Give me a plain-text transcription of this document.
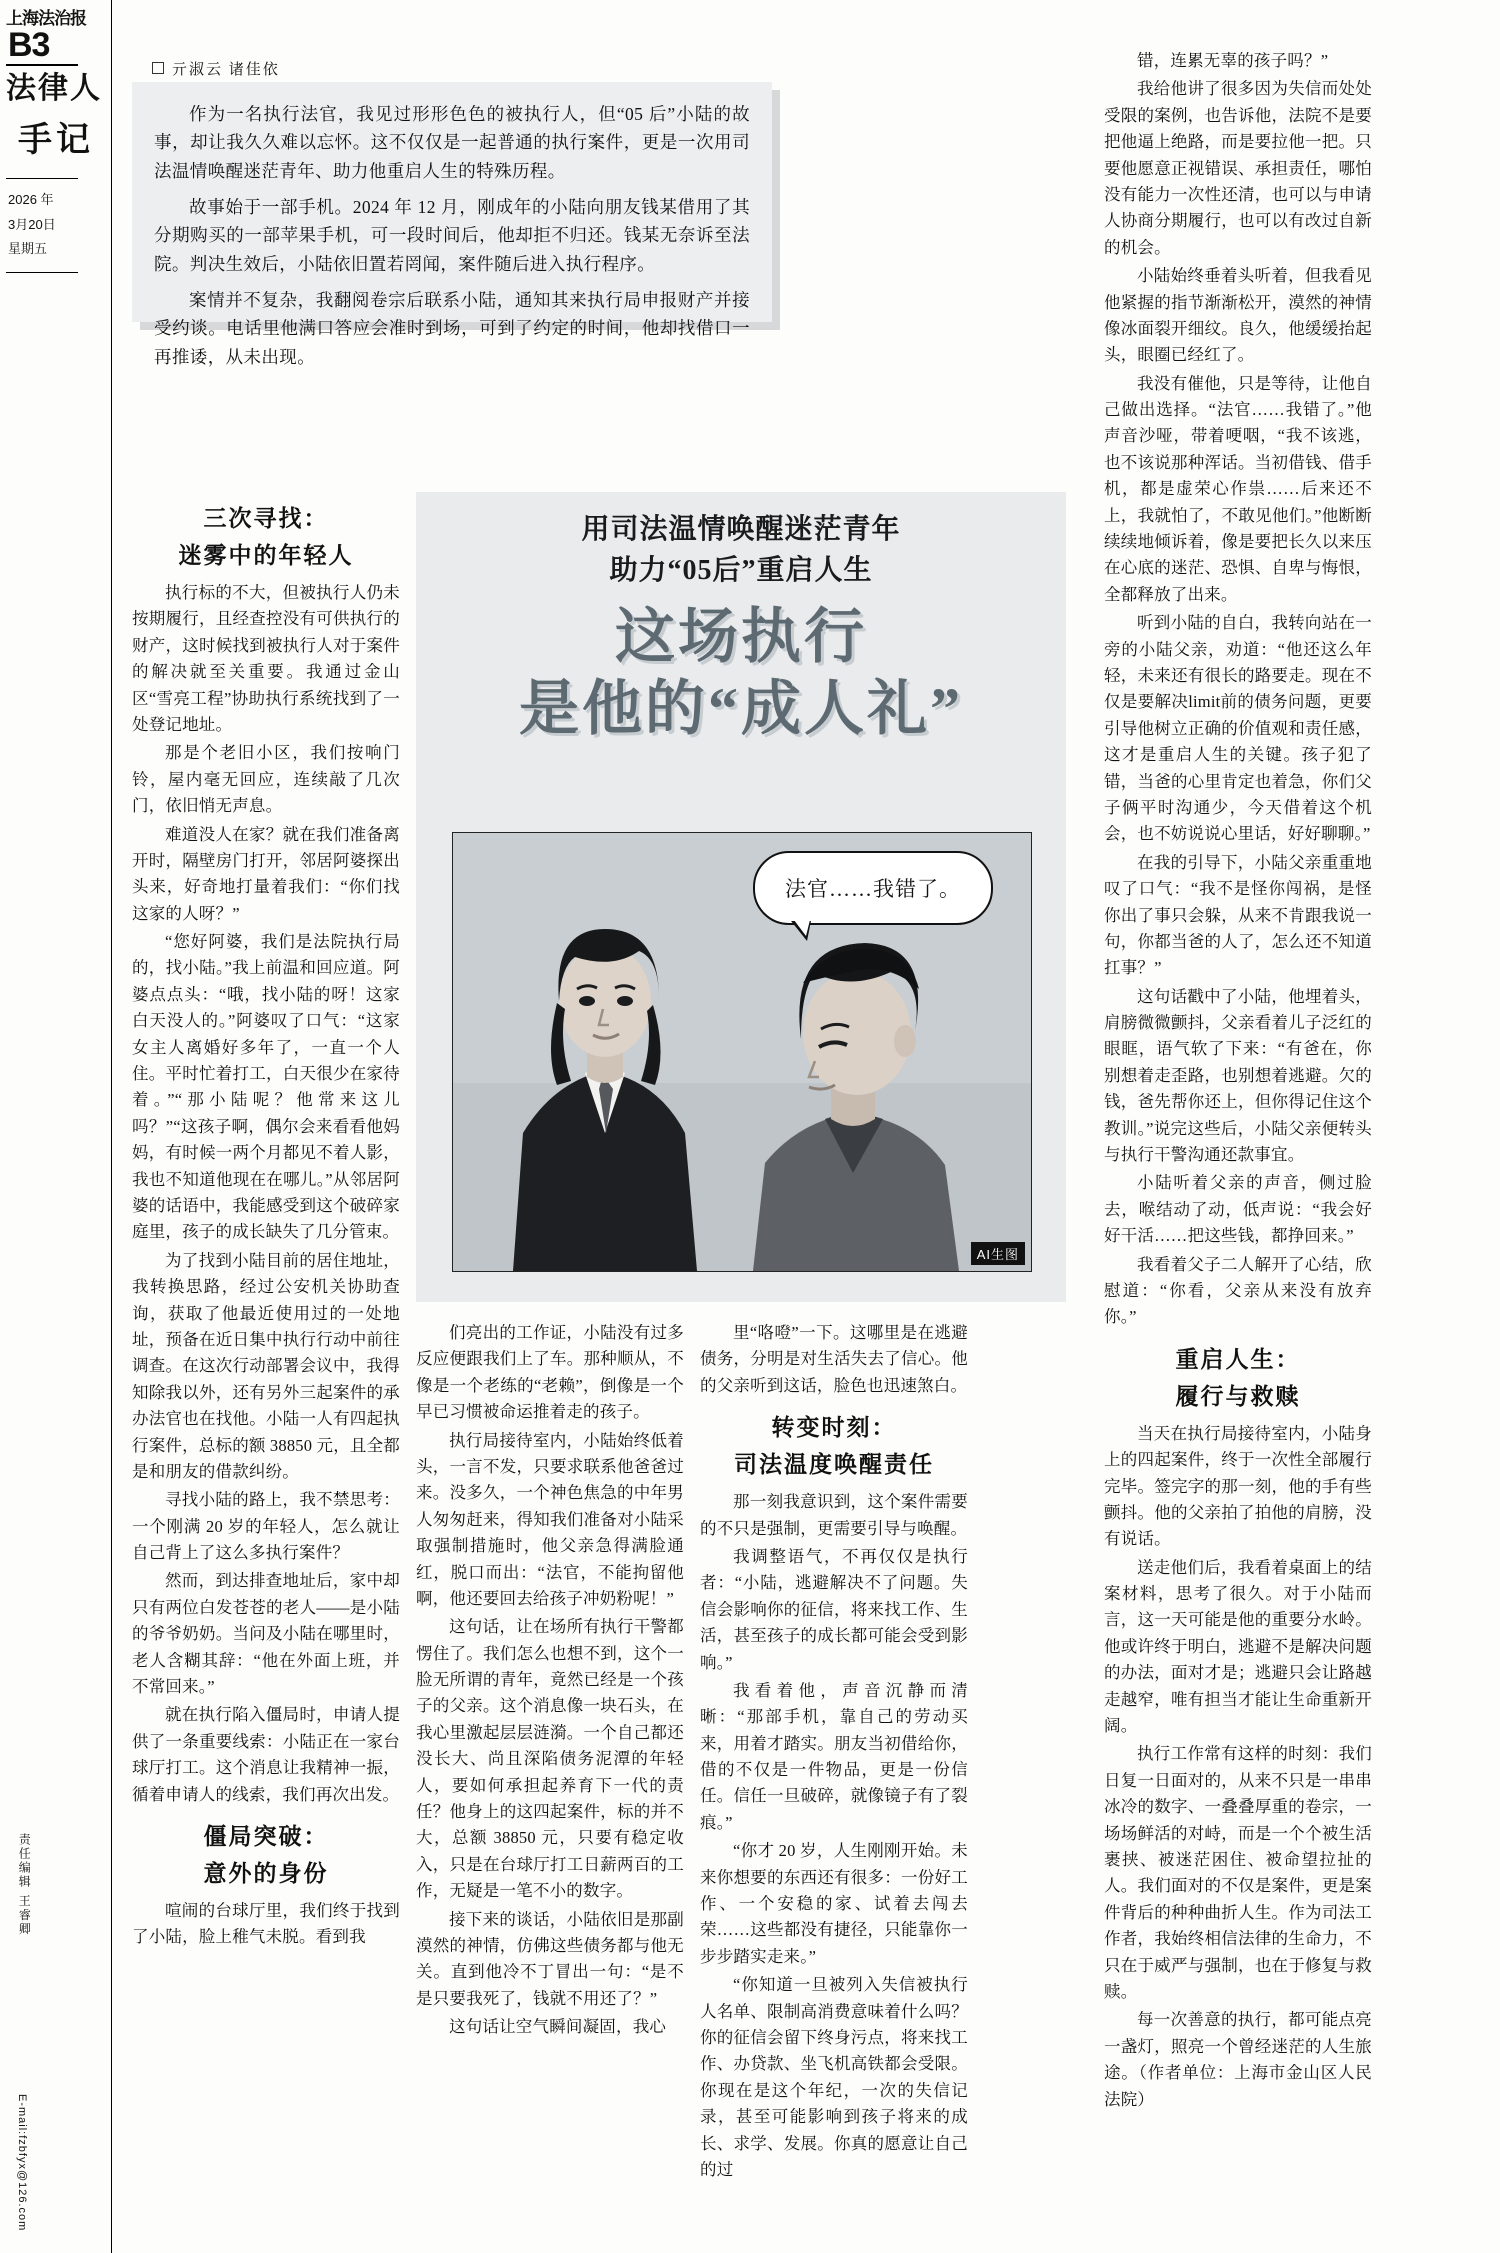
上海法治报
B3
法律人
手记
2026 年
3月20日
星期五
责任编辑 王睿卿
E-mail:fzbfyx@126.com
亓淑云 诸佳依

作为一名执行法官，我见过形形色色的被执行人，但“05 后”小陆的故事，却让我久久难以忘怀。这不仅仅是一起普通的执行案件，更是一次用司法温情唤醒迷茫青年、助力他重启人生的特殊历程。

故事始于一部手机。2024 年 12 月，刚成年的小陆向朋友钱某借用了其分期购买的一部苹果手机，可一段时间后，他却拒不归还。钱某无奈诉至法院。判决生效后，小陆依旧置若罔闻，案件随后进入执行程序。

案情并不复杂，我翻阅卷宗后联系小陆，通知其来执行局申报财产并接受约谈。电话里他满口答应会准时到场，可到了约定的时间，他却找借口一再推诿，从未出现。

用司法温情唤醒迷茫青年
助力“05后”重启人生
这场执行
是他的“成人礼”
法官……我错了。
AI生图
三次寻找：
迷雾中的年轻人

执行标的不大，但被执行人仍未按期履行，且经查控没有可供执行的财产，这时候找到被执行人对于案件的解决就至关重要。我通过金山区“雪亮工程”协助执行系统找到了一处登记地址。

那是个老旧小区，我们按响门铃，屋内毫无回应，连续敲了几次门，依旧悄无声息。

难道没人在家？就在我们准备离开时，隔壁房门打开，邻居阿婆探出头来，好奇地打量着我们：“你们找这家的人呀？”

“您好阿婆，我们是法院执行局的，找小陆。”我上前温和回应道。阿婆点点头：“哦，找小陆的呀！这家白天没人的。”阿婆叹了口气：“这家女主人离婚好多年了，一直一个人住。平时忙着打工，白天很少在家待着。”“那小陆呢？他常来这儿吗？”“这孩子啊，偶尔会来看看他妈妈，有时候一两个月都见不着人影，我也不知道他现在在哪儿。”从邻居阿婆的话语中，我能感受到这个破碎家庭里，孩子的成长缺失了几分管束。

为了找到小陆目前的居住地址，我转换思路，经过公安机关协助查询，获取了他最近使用过的一处地址，预备在近日集中执行行动中前往调查。在这次行动部署会议中，我得知除我以外，还有另外三起案件的承办法官也在找他。小陆一人有四起执行案件，总标的额 38850 元，且全都是和朋友的借款纠纷。

寻找小陆的路上，我不禁思考：一个刚满 20 岁的年轻人，怎么就让自己背上了这么多执行案件？

然而，到达排查地址后，家中却只有两位白发苍苍的老人——是小陆的爷爷奶奶。当问及小陆在哪里时，老人含糊其辞：“他在外面上班，并不常回来。”

就在执行陷入僵局时，申请人提供了一条重要线索：小陆正在一家台球厅打工。这个消息让我精神一振，循着申请人的线索，我们再次出发。

僵局突破：
意外的身份

喧闹的台球厅里，我们终于找到了小陆，脸上稚气未脱。看到我

们亮出的工作证，小陆没有过多反应便跟我们上了车。那种顺从，不像是一个老练的“老赖”，倒像是一个早已习惯被命运推着走的孩子。

执行局接待室内，小陆始终低着头，一言不发，只要求联系他爸爸过来。没多久，一个神色焦急的中年男人匆匆赶来，得知我们准备对小陆采取强制措施时，他父亲急得满脸通红，脱口而出：“法官，不能拘留他啊，他还要回去给孩子冲奶粉呢！”

这句话，让在场所有执行干警都愣住了。我们怎么也想不到，这个一脸无所谓的青年，竟然已经是一个孩子的父亲。这个消息像一块石头，在我心里激起层层涟漪。一个自己都还没长大、尚且深陷债务泥潭的年轻人，要如何承担起养育下一代的责任？他身上的这四起案件，标的并不大，总额 38850 元，只要有稳定收入，只是在台球厅打工日薪两百的工作，无疑是一笔不小的数字。

接下来的谈话，小陆依旧是那副漠然的神情，仿佛这些债务都与他无关。直到他冷不丁冒出一句：“是不是只要我死了，钱就不用还了？”

这句话让空气瞬间凝固，我心

里“咯噔”一下。这哪里是在逃避债务，分明是对生活失去了信心。他的父亲听到这话，脸色也迅速煞白。

转变时刻：
司法温度唤醒责任

那一刻我意识到，这个案件需要的不只是强制，更需要引导与唤醒。

我调整语气，不再仅仅是执行者：“小陆，逃避解决不了问题。失信会影响你的征信，将来找工作、生活，甚至孩子的成长都可能会受到影响。”

我看着他，声音沉静而清晰：“那部手机，靠自己的劳动买来，用着才踏实。朋友当初借给你，借的不仅是一件物品，更是一份信任。信任一旦破碎，就像镜子有了裂痕。”

“你才 20 岁，人生刚刚开始。未来你想要的东西还有很多：一份好工作、一个安稳的家、试着去闯去荣……这些都没有捷径，只能靠你一步步踏实走来。”

“你知道一旦被列入失信被执行人名单、限制高消费意味着什么吗？你的征信会留下终身污点，将来找工作、办贷款、坐飞机高铁都会受限。你现在是这个年纪，一次的失信记录，甚至可能影响到孩子将来的成长、求学、发展。你真的愿意让自己的过

错，连累无辜的孩子吗？”

我给他讲了很多因为失信而处处受限的案例，也告诉他，法院不是要把他逼上绝路，而是要拉他一把。只要他愿意正视错误、承担责任，哪怕没有能力一次性还清，也可以与申请人协商分期履行，也可以有改过自新的机会。

小陆始终垂着头听着，但我看见他紧握的指节渐渐松开，漠然的神情像冰面裂开细纹。良久，他缓缓抬起头，眼圈已经红了。

我没有催他，只是等待，让他自己做出选择。“法官……我错了。”他声音沙哑，带着哽咽，“我不该逃，也不该说那种浑话。当初借钱、借手机，都是虚荣心作祟……后来还不上，我就怕了，不敢见他们。”他断断续续地倾诉着，像是要把长久以来压在心底的迷茫、恐惧、自卑与悔恨，全都释放了出来。

听到小陆的自白，我转向站在一旁的小陆父亲，劝道：“他还这么年轻，未来还有很长的路要走。现在不仅是要解决limit前的债务问题，更要引导他树立正确的价值观和责任感，这才是重启人生的关键。孩子犯了错，当爸的心里肯定也着急，你们父子俩平时沟通少，今天借着这个机会，也不妨说说心里话，好好聊聊。”

在我的引导下，小陆父亲重重地叹了口气：“我不是怪你闯祸，是怪你出了事只会躲，从来不肯跟我说一句，你都当爸的人了，怎么还不知道扛事？”

这句话戳中了小陆，他埋着头，肩膀微微颤抖，父亲看着儿子泛红的眼眶，语气软了下来：“有爸在，你别想着走歪路，也别想着逃避。欠的钱，爸先帮你还上，但你得记住这个教训。”说完这些后，小陆父亲便转头与执行干警沟通还款事宜。

小陆听着父亲的声音，侧过脸去，喉结动了动，低声说：“我会好好干活……把这些钱，都挣回来。”

我看着父子二人解开了心结，欣慰道：“你看，父亲从来没有放弃你。”

重启人生：
履行与救赎

当天在执行局接待室内，小陆身上的四起案件，终于一次性全部履行完毕。签完字的那一刻，他的手有些颤抖。他的父亲拍了拍他的肩膀，没有说话。

送走他们后，我看着桌面上的结案材料，思考了很久。对于小陆而言，这一天可能是他的重要分水岭。他或许终于明白，逃避不是解决问题的办法，面对才是；逃避只会让路越走越窄，唯有担当才能让生命重新开阔。

执行工作常有这样的时刻：我们日复一日面对的，从来不只是一串串冰冷的数字、一叠叠厚重的卷宗，一场场鲜活的对峙，而是一个个被生活裹挟、被迷茫困住、被命望拉扯的人。我们面对的不仅是案件，更是案件背后的种种曲折人生。作为司法工作者，我始终相信法律的生命力，不只在于威严与强制，也在于修复与救赎。

每一次善意的执行，都可能点亮一盏灯，照亮一个曾经迷茫的人生旅途。（作者单位：上海市金山区人民法院）
